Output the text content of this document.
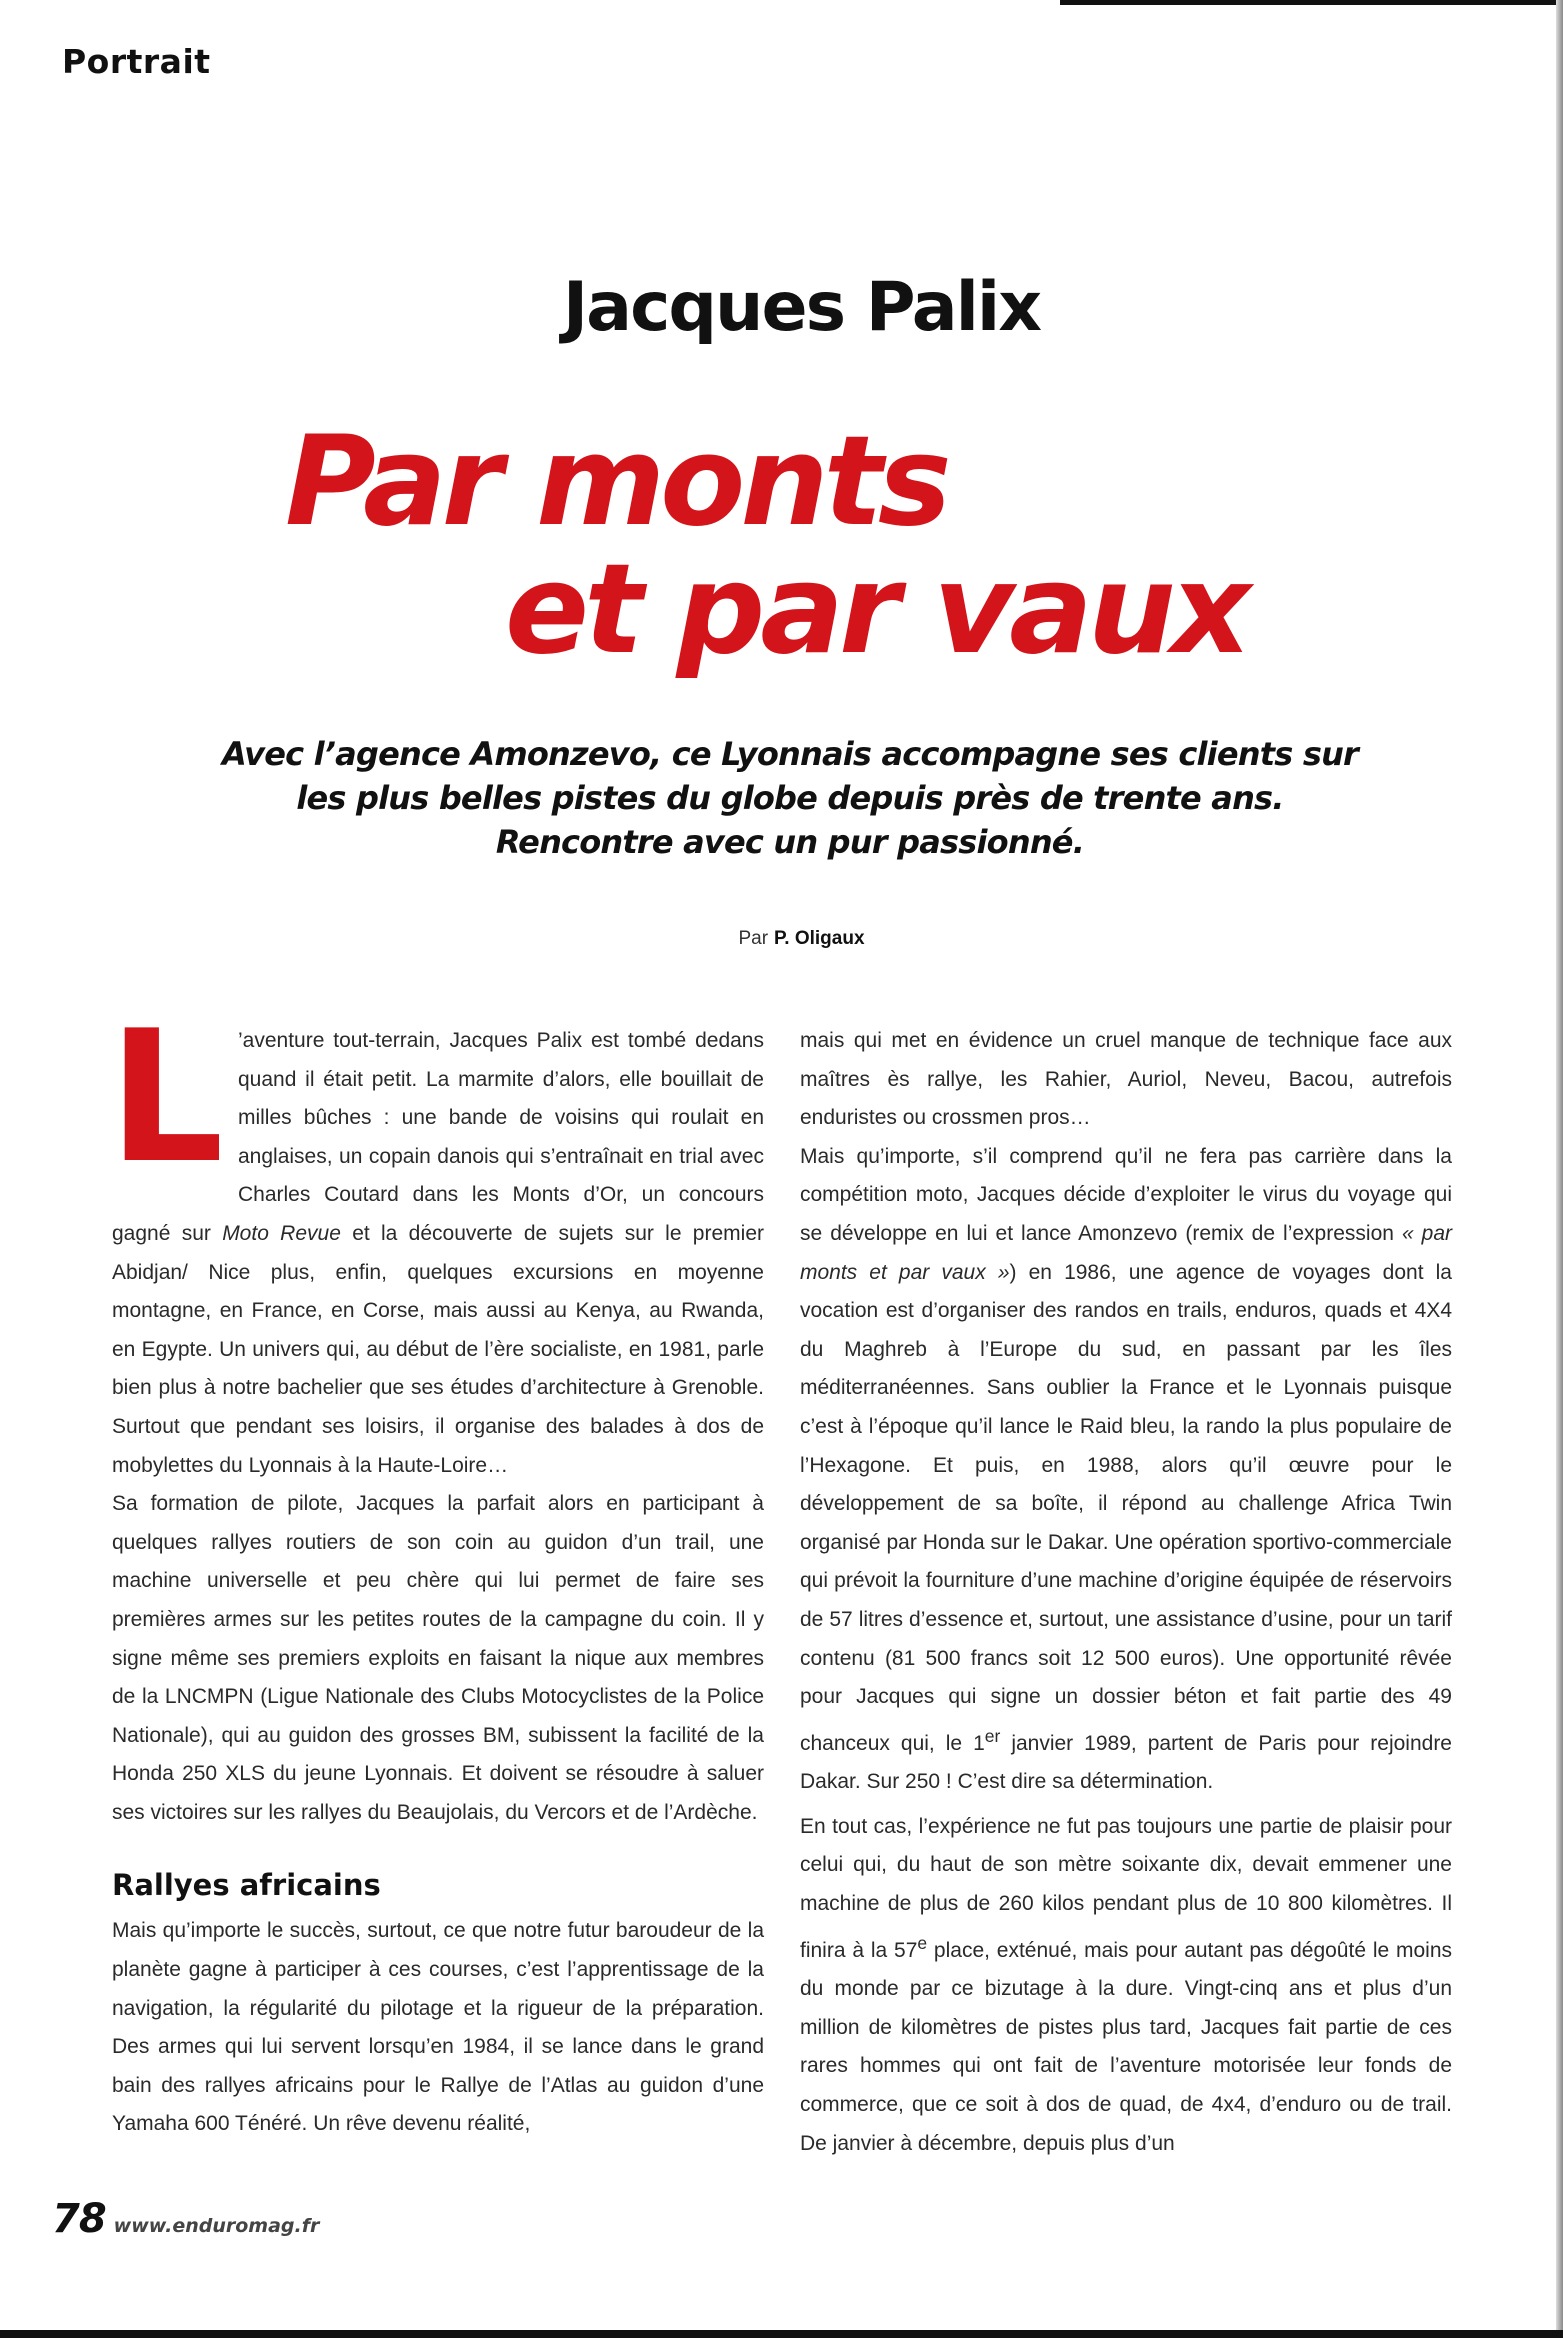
Portrait
Jacques Palix
Par monts
et par vaux
Avec l’agence Amonzevo, ce Lyonnais accompagne ses clients sur
les plus belles pistes du globe depuis près de trente ans.
Rencontre avec un pur passionné.
Par P. Oligaux

L ’aventure tout-terrain, Jacques Palix est tombé dedans quand il était petit. La marmite d’alors, elle bouillait de milles bûches : une bande de voisins qui roulait en anglaises, un copain danois qui s’entraînait en trial avec Charles Coutard dans les Monts d’Or, un concours gagné sur Moto Revue et la découverte de sujets sur le premier Abidjan/ Nice plus, enfin, quelques excursions en moyenne montagne, en France, en Corse, mais aussi au Kenya, au Rwanda, en Egypte. Un univers qui, au début de l’ère socialiste, en 1981, parle bien plus à notre bachelier que ses études d’architecture à Grenoble. Surtout que pendant ses loisirs, il organise des balades à dos de mobylettes du Lyonnais à la Haute-Loire…

Sa formation de pilote, Jacques la parfait alors en participant à quelques rallyes routiers de son coin au guidon d’un trail, une machine universelle et peu chère qui lui permet de faire ses premières armes sur les petites routes de la campagne du coin. Il y signe même ses premiers exploits en faisant la nique aux membres de la LNCMPN (Ligue Nationale des Clubs Motocyclistes de la Police Nationale), qui au guidon des grosses BM, subissent la facilité de la Honda 250 XLS du jeune Lyonnais. Et doivent se résoudre à saluer ses victoires sur les rallyes du Beaujolais, du Vercors et de l’Ardèche.

Rallyes africains

Mais qu’importe le succès, surtout, ce que notre futur baroudeur de la planète gagne à participer à ces courses, c’est l’apprentissage de la navigation, la régularité du pilotage et la rigueur de la préparation. Des armes qui lui servent lorsqu’en 1984, il se lance dans le grand bain des rallyes africains pour le Rallye de l’Atlas au guidon d’une Yamaha 600 Ténéré. Un rêve devenu réalité,

mais qui met en évidence un cruel manque de technique face aux maîtres ès rallye, les Rahier, Auriol, Neveu, Bacou, autrefois enduristes ou crossmen pros…

Mais qu’importe, s’il comprend qu’il ne fera pas carrière dans la compétition moto, Jacques décide d’exploiter le virus du voyage qui se développe en lui et lance Amonzevo (remix de l’expression « par monts et par vaux ») en 1986, une agence de voyages dont la vocation est d’organiser des randos en trails, enduros, quads et 4X4 du Maghreb à l’Europe du sud, en passant par les îles méditerranéennes. Sans oublier la France et le Lyonnais puisque c’est à l’époque qu’il lance le Raid bleu, la rando la plus populaire de l’Hexagone. Et puis, en 1988, alors qu’il œuvre pour le développement de sa boîte, il répond au challenge Africa Twin organisé par Honda sur le Dakar. Une opération sportivo-commerciale qui prévoit la fourniture d’une machine d’origine équipée de réservoirs de 57 litres d’essence et, surtout, une assistance d’usine, pour un tarif contenu (81 500 francs soit 12 500 euros). Une opportunité rêvée pour Jacques qui signe un dossier béton et fait partie des 49 chanceux qui, le 1er janvier 1989, partent de Paris pour rejoindre Dakar. Sur 250 ! C’est dire sa détermination.

En tout cas, l’expérience ne fut pas toujours une partie de plaisir pour celui qui, du haut de son mètre soixante dix, devait emmener une machine de plus de 260 kilos pendant plus de 10 800 kilomètres. Il finira à la 57e place, exténué, mais pour autant pas dégoûté le moins du monde par ce bizutage à la dure. Vingt-cinq ans et plus d’un million de kilomètres de pistes plus tard, Jacques fait partie de ces rares hommes qui ont fait de l’aventure motorisée leur fonds de commerce, que ce soit à dos de quad, de 4x4, d’enduro ou de trail. De janvier à décembre, depuis plus d’un

78 www.enduromag.fr
